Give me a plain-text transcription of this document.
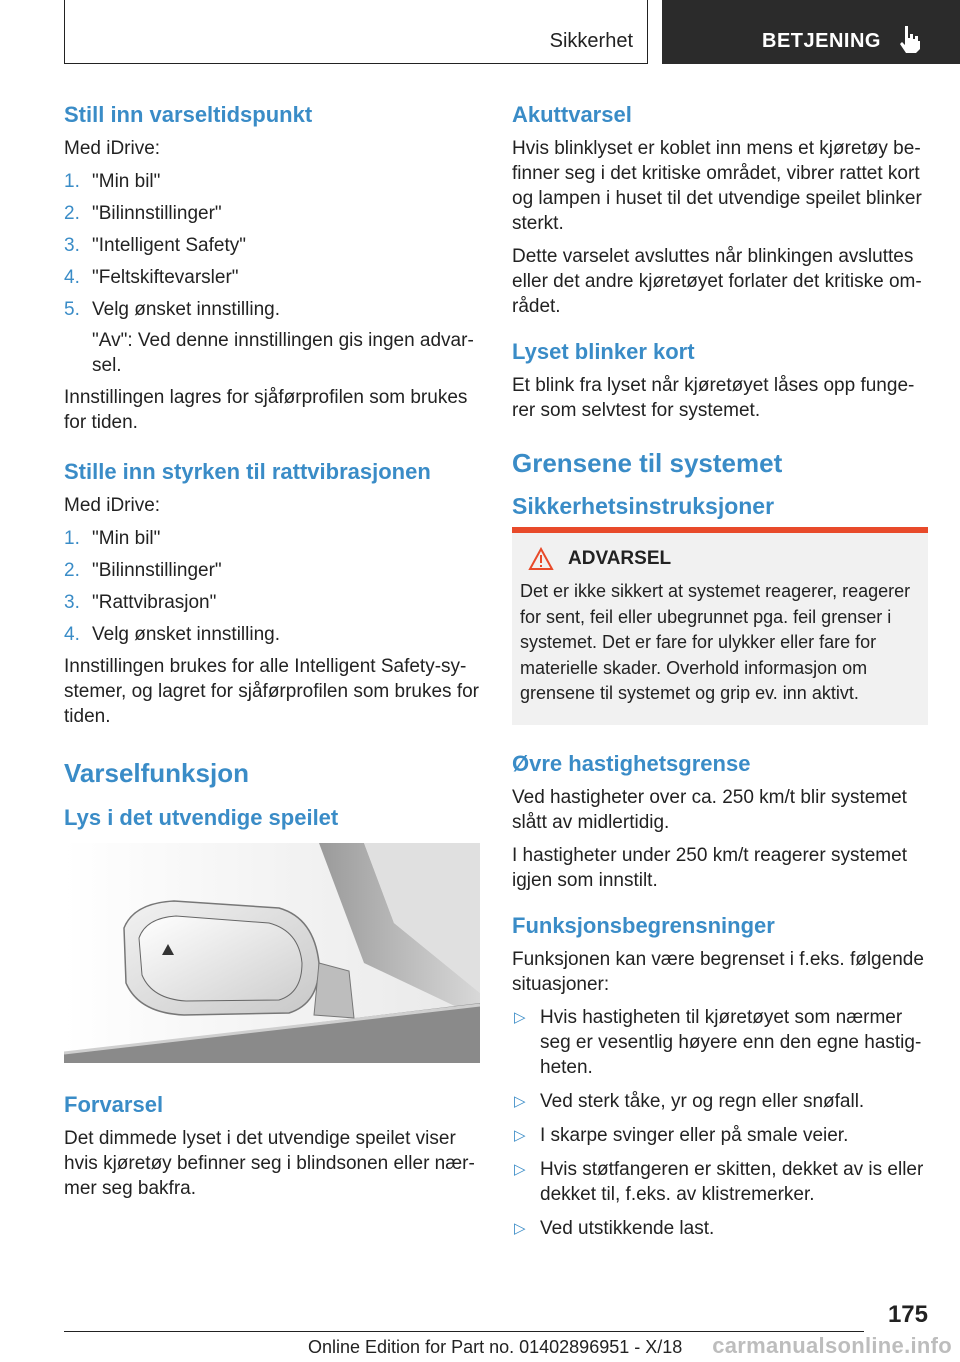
Sikkerhet	BETJENING
Still inn varseltidspunkt

Med iDrive:

1. "Min bil"
2. "Bilinnstillinger"
3. "Intelligent Safety"
4. "Feltskiftevarsler"
5. Velg ønsket innstilling.
"Av": Ved denne innstillingen gis ingen advarsel.

Innstillingen lagres for sjåførprofilen som brukes for tiden.

Stille inn styrken til rattvibrasjonen

Med iDrive:

1. "Min bil"
2. "Bilinnstillinger"
3. "Rattvibrasjon"
4. Velg ønsket innstilling.

Innstillingen brukes for alle Intelligent Safety-systemer, og lagret for sjåførprofilen som brukes for tiden.

Varselfunksjon
Lys i det utvendige speilet
Forvarsel

Det dimmede lyset i det utvendige speilet viser hvis kjøretøy befinner seg i blindsonen eller nærmer seg bakfra.

Akuttvarsel

Hvis blinklyset er koblet inn mens et kjøretøy befinner seg i det kritiske området, vibrer rattet kort og lampen i huset til det utvendige speilet blinker sterkt.

Dette varselet avsluttes når blinkingen avsluttes eller det andre kjøretøyet forlater det kritiske området.

Lyset blinker kort

Et blink fra lyset når kjøretøyet låses opp fungerer som selvtest for systemet.

Grensene til systemet
Sikkerhetsinstruksjoner
ADVARSEL

Det er ikke sikkert at systemet reagerer, reagerer for sent, feil eller ubegrunnet pga. feil grenser i systemet. Det er fare for ulykker eller fare for materielle skader. Overhold informasjon om grensene til systemet og grip ev. inn aktivt.

Øvre hastighetsgrense

Ved hastigheter over ca. 250 km/t blir systemet slått av midlertidig.

I hastigheter under 250 km/t reagerer systemet igjen som innstilt.

Funksjonsbegrensninger

Funksjonen kan være begrenset i f.eks. følgende situasjoner:

▷ Hvis hastigheten til kjøretøyet som nærmer seg er vesentlig høyere enn den egne hastigheten.
▷ Ved sterk tåke, yr og regn eller snøfall.
▷ I skarpe svinger eller på smale veier.
▷ Hvis støtfangeren er skitten, dekket av is eller dekket til, f.eks. av klistremerker.
▷ Ved utstikkende last.
175
Online Edition for Part no. 01402896951 - X/18 carmanualsonline.info
